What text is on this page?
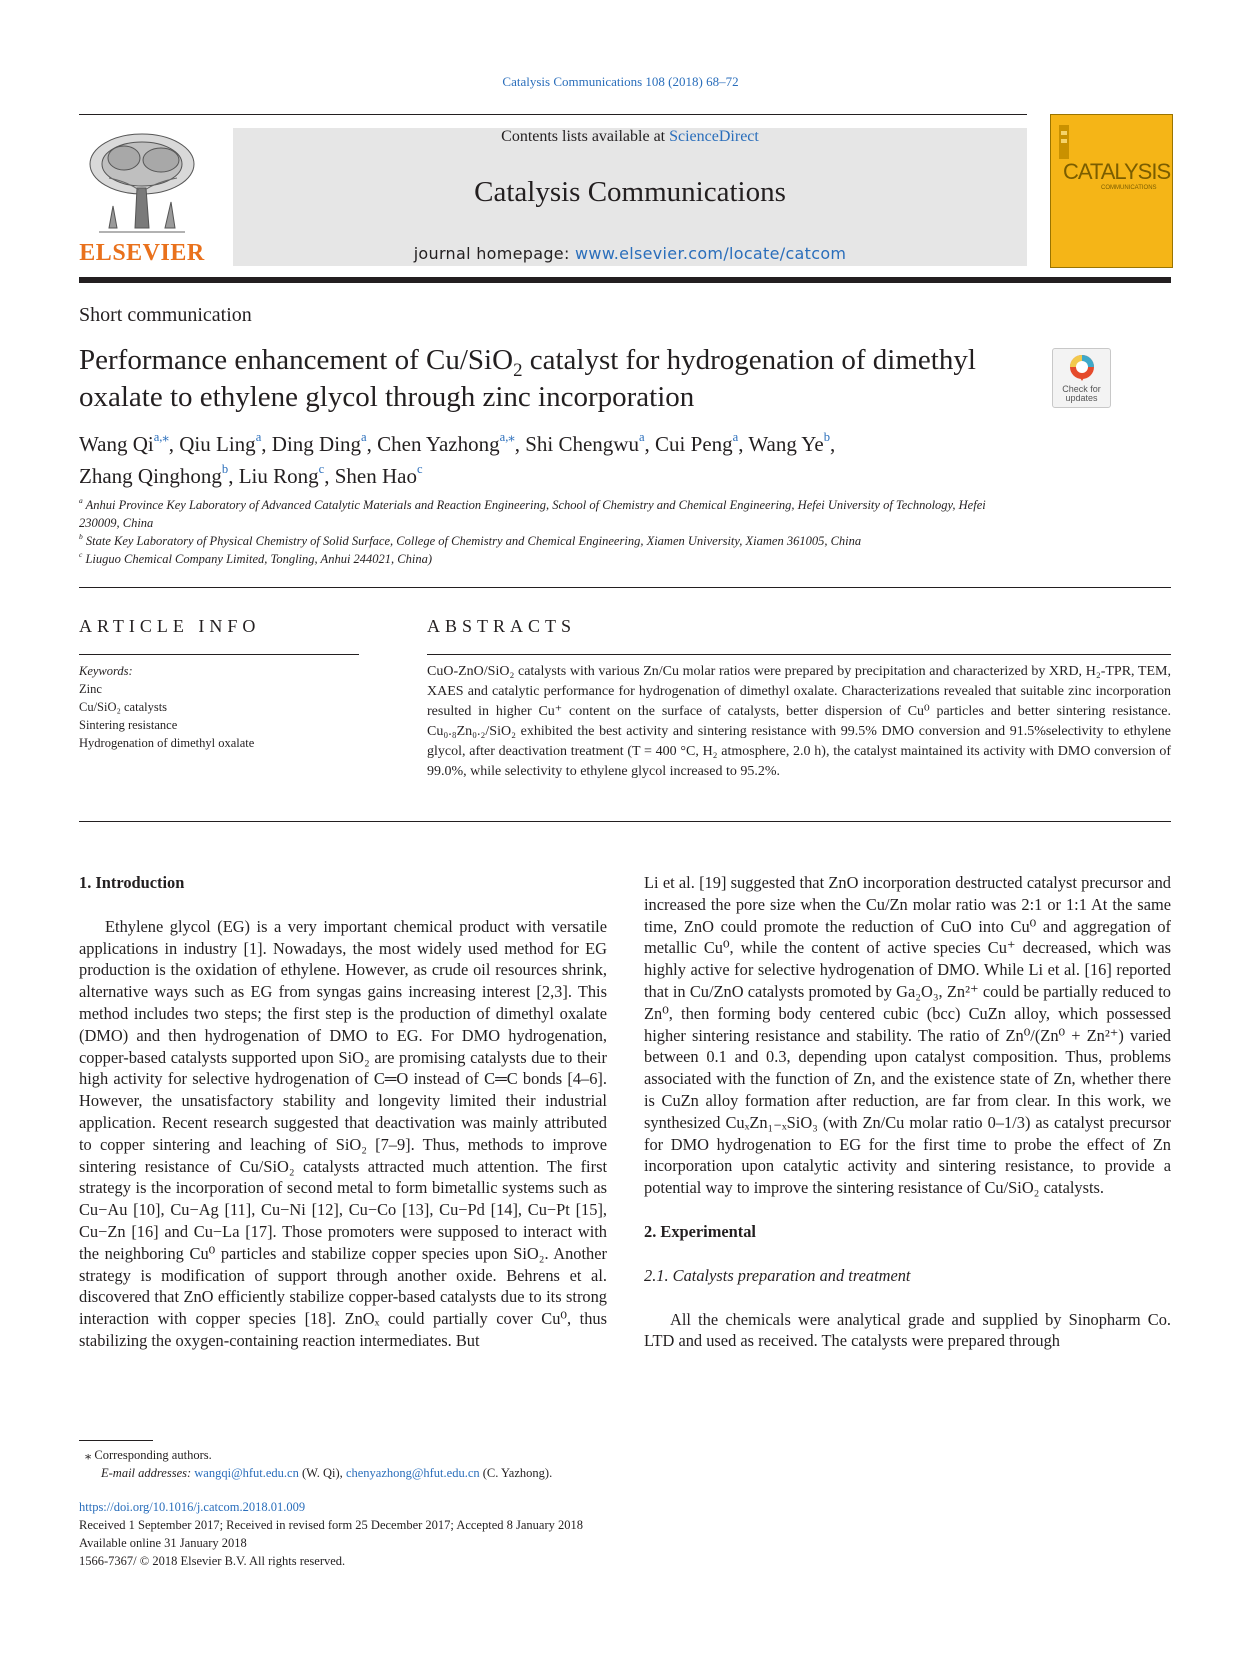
Catalysis Communications 108 (2018) 68–72
ELSEVIER
Contents lists available at ScienceDirect
Catalysis Communications
journal homepage: www.elsevier.com/locate/catcom
CATALYSIS
COMMUNICATIONS
Short communication
Performance enhancement of Cu/SiO$_2$ catalyst for hydrogenation of dimethyl oxalate to ethylene glycol through zinc incorporation	Check for
updates
Wang Qi$^{a,⁎}$, Qiu Ling$^a$, Ding Ding$^a$, Chen Yazhong$^{a,⁎}$, Shi Chengwu$^a$, Cui Peng$^a$, Wang Ye$^b$,
Zhang Qinghong$^b$, Liu Rong$^c$, Shen Hao$^c$
$^a$ Anhui Province Key Laboratory of Advanced Catalytic Materials and Reaction Engineering, School of Chemistry and Chemical Engineering, Hefei University of Technology, Hefei 230009, China
$^b$ State Key Laboratory of Physical Chemistry of Solid Surface, College of Chemistry and Chemical Engineering, Xiamen University, Xiamen 361005, China
$^c$ Liuguo Chemical Company Limited, Tongling, Anhui 244021, China)
ARTICLE INFO	ABSTRACTS
Keywords:
Zinc
Cu/SiO₂ catalysts
Sintering resistance
Hydrogenation of dimethyl oxalate
CuO-ZnO/SiO₂ catalysts with various Zn/Cu molar ratios were prepared by precipitation and characterized by XRD, H₂-TPR, TEM, XAES and catalytic performance for hydrogenation of dimethyl oxalate. Characterizations revealed that suitable zinc incorporation resulted in higher Cu⁺ content on the surface of catalysts, better dispersion of Cu⁰ particles and better sintering resistance. Cu₀.₈Zn₀.₂/SiO₂ exhibited the best activity and sintering resistance with 99.5% DMO conversion and 91.5%selectivity to ethylene glycol, after deactivation treatment (T = 400 °C, H₂ atmosphere, 2.0 h), the catalyst maintained its activity with DMO conversion of 99.0%, while selectivity to ethylene glycol increased to 95.2%.

1. Introduction

Ethylene glycol (EG) is a very important chemical product with versatile applications in industry [1]. Nowadays, the most widely used method for EG production is the oxidation of ethylene. However, as crude oil resources shrink, alternative ways such as EG from syngas gains increasing interest [2,3]. This method includes two steps; the first step is the production of dimethyl oxalate (DMO) and then hydrogenation of DMO to EG. For DMO hydrogenation, copper-based catalysts supported upon SiO₂ are promising catalysts due to their high activity for selective hydrogenation of C═O instead of C═C bonds [4–6]. However, the unsatisfactory stability and longevity limited their industrial application. Recent research suggested that deactivation was mainly attributed to copper sintering and leaching of SiO₂ [7–9]. Thus, methods to improve sintering resistance of Cu/SiO₂ catalysts attracted much attention. The first strategy is the incorporation of second metal to form bimetallic systems such as Cu−Au [10], Cu−Ag [11], Cu−Ni [12], Cu−Co [13], Cu−Pd [14], Cu−Pt [15], Cu−Zn [16] and Cu−La [17]. Those promoters were supposed to interact with the neighboring Cu⁰ particles and stabilize copper species upon SiO₂. Another strategy is modification of support through another oxide. Behrens et al. discovered that ZnO efficiently stabilize copper-based catalysts due to its strong interaction with copper species [18]. ZnOₓ could partially cover Cu⁰, thus stabilizing the oxygen-containing reaction intermediates. But

Li et al. [19] suggested that ZnO incorporation destructed catalyst precursor and increased the pore size when the Cu/Zn molar ratio was 2:1 or 1:1 At the same time, ZnO could promote the reduction of CuO into Cu⁰ and aggregation of metallic Cu⁰, while the content of active species Cu⁺ decreased, which was highly active for selective hydrogenation of DMO. While Li et al. [16] reported that in Cu/ZnO catalysts promoted by Ga₂O₃, Zn²⁺ could be partially reduced to Zn⁰, then forming body centered cubic (bcc) CuZn alloy, which possessed higher sintering resistance and stability. The ratio of Zn⁰/(Zn⁰ + Zn²⁺) varied between 0.1 and 0.3, depending upon catalyst composition. Thus, problems associated with the function of Zn, and the existence state of Zn, whether there is CuZn alloy formation after reduction, are far from clear. In this work, we synthesized CuₓZn₁₋ₓSiO₃ (with Zn/Cu molar ratio 0–1/3) as catalyst precursor for DMO hydrogenation to EG for the first time to probe the effect of Zn incorporation upon catalytic activity and sintering resistance, to provide a potential way to improve the sintering resistance of Cu/SiO₂ catalysts.

2. Experimental

2.1. Catalysts preparation and treatment

All the chemicals were analytical grade and supplied by Sinopharm Co. LTD and used as received. The catalysts were prepared through

⁎ Corresponding authors.
E-mail addresses: wangqi@hfut.edu.cn (W. Qi), chenyazhong@hfut.edu.cn (C. Yazhong).
https://doi.org/10.1016/j.catcom.2018.01.009
Received 1 September 2017; Received in revised form 25 December 2017; Accepted 8 January 2018
Available online 31 January 2018
1566-7367/ © 2018 Elsevier B.V. All rights reserved.
